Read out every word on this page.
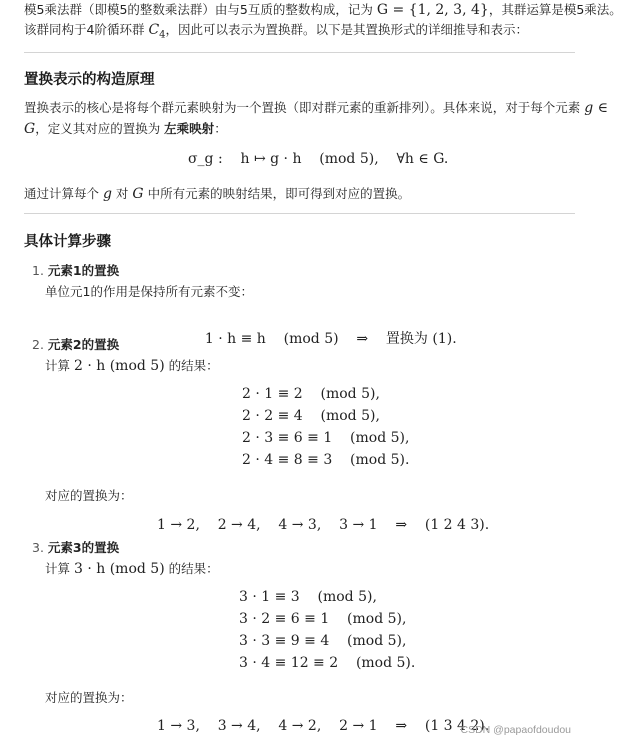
模5乘法群（即模5的整数乘法群）由与5互质的整数构成，记为 G = {1, 2, 3, 4}，其群运算是模5乘法。
该群同构于4阶循环群 $C_4$，因此可以表示为置换群。以下是其置换形式的详细推导和表示：
置换表示的构造原理
置换表示的核心是将每个群元素映射为一个置换（即对群元素的重新排列）。具体来说，对于每个元素 g ∈
G，定义其对应的置换为 左乘映射：
σ_g :    h ↦ g · h    (mod 5),    ∀h ∈ G.
通过计算每个 g 对 G 中所有元素的映射结果，即可得到对应的置换。
具体计算步骤
1. 元素1的置换
单位元1的作用是保持所有元素不变：

1 · h ≡ h    (mod 5)    ⇒ 置换为 (1).

2. 元素2的置换
计算 2 · h (mod 5) 的结果：
2 · 1 ≡ 2    (mod 5),
2 · 2 ≡ 4    (mod 5),
2 · 3 ≡ 6 ≡ 1    (mod 5),
2 · 4 ≡ 8 ≡ 3    (mod 5).
对应的置换为：
1 → 2,    2 → 4,    4 → 3,    3 → 1    ⇒    (1 2 4 3).
3. 元素3的置换
计算 3 · h (mod 5) 的结果：
3 · 1 ≡ 3    (mod 5),
3 · 2 ≡ 6 ≡ 1    (mod 5),
3 · 3 ≡ 9 ≡ 4    (mod 5),
3 · 4 ≡ 12 ≡ 2    (mod 5).
对应的置换为：
1 → 3,    3 → 4,    4 → 2,    2 → 1    ⇒    (1 3 4 2).
CSDN @papaofdoudou
